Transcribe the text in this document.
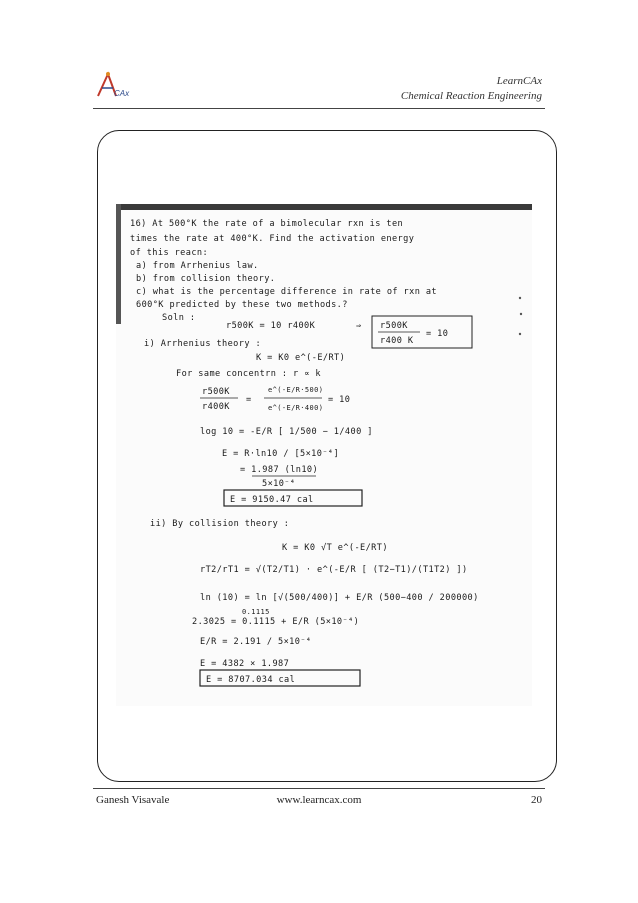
CAx
LearnCAx
Chemical Reaction Engineering
16) At 500°K the rate of a bimolecular rxn is ten
times the rate at 400°K. Find the activation energy
of this reacn:
a) from Arrhenius law.
b) from collision theory.
c) what is the percentage difference in rate of rxn at
600°K predicted by these two methods.?
Soln :
r500K = 10 r400K	⇒ r500K
r400 K
= 10
i) Arrhenius theory :
K = K0 e^(-E/RT)
For same concentrn : r ∝ k
r500K
r400K
=
e^(-E/R·500)
e^(-E/R·400)
= 10
log 10 = -E/R [ 1/500 − 1/400 ]
E = R·ln10 / [5×10⁻⁴]
= 1.987 (ln10)
5×10⁻⁴
E = 9150.47 cal
ii) By collision theory :
K = K0 √T e^(-E/RT)
rT2/rT1 = √(T2/T1) · e^(-E/R [ (T2−T1)/(T1T2) ])
ln (10) = ln [√(500/400)] + E/R (500−400 / 200000)
0.1115
2.3025 = 0.1115 + E/R (5×10⁻⁴)
E/R = 2.191 / 5×10⁻⁴
E = 4382 × 1.987
E = 8707.034 cal
Ganesh Visavale	www.learncax.com	20
